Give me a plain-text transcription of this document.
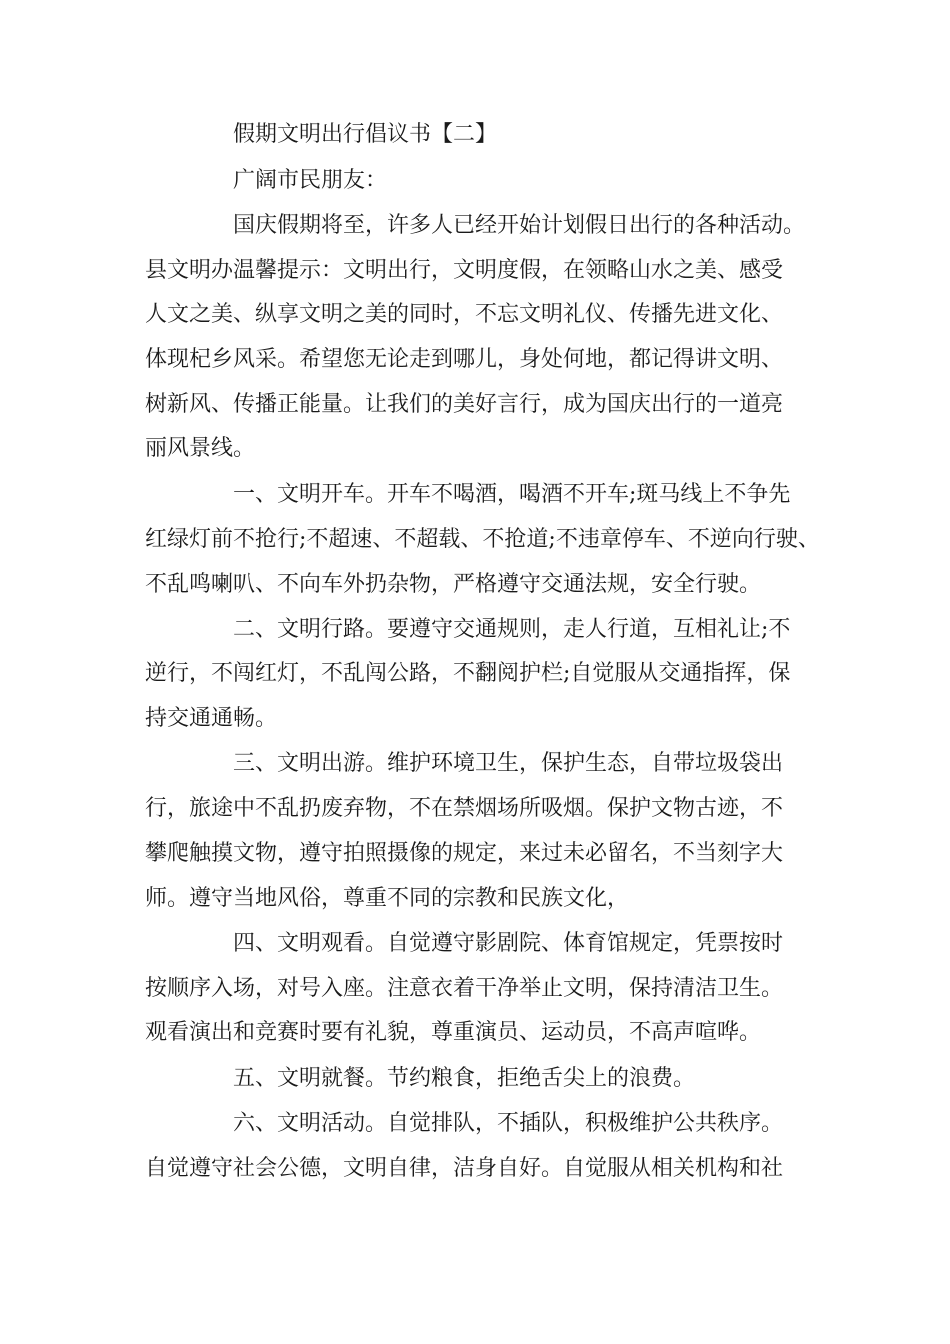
假期文明出行倡议书【二】
广阔市民朋友：
国庆假期将至，许多人已经开始计划假日出行的各种活动。
县文明办温馨提示：文明出行，文明度假，在领略山水之美、感受
人文之美、纵享文明之美的同时，不忘文明礼仪、传播先进文化、
体现杞乡风采。希望您无论走到哪儿，身处何地，都记得讲文明、
树新风、传播正能量。让我们的美好言行，成为国庆出行的一道亮
丽风景线。
一、文明开车。开车不喝酒，喝酒不开车;斑马线上不争先
红绿灯前不抢行;不超速、不超载、不抢道;不违章停车、不逆向行驶、
不乱鸣喇叭、不向车外扔杂物，严格遵守交通法规，安全行驶。
二、文明行路。要遵守交通规则，走人行道，互相礼让;不
逆行，不闯红灯，不乱闯公路，不翻阅护栏;自觉服从交通指挥，保
持交通通畅。
三、文明出游。维护环境卫生，保护生态，自带垃圾袋出
行，旅途中不乱扔废弃物，不在禁烟场所吸烟。保护文物古迹，不
攀爬触摸文物，遵守拍照摄像的规定，来过未必留名，不当刻字大
师。遵守当地风俗，尊重不同的宗教和民族文化，
四、文明观看。自觉遵守影剧院、体育馆规定，凭票按时
按顺序入场，对号入座。注意衣着干净举止文明，保持清洁卫生。
观看演出和竞赛时要有礼貌，尊重演员、运动员，不高声喧哗。
五、文明就餐。节约粮食，拒绝舌尖上的浪费。
六、文明活动。自觉排队，不插队，积极维护公共秩序。
自觉遵守社会公德，文明自律，洁身自好。自觉服从相关机构和社
